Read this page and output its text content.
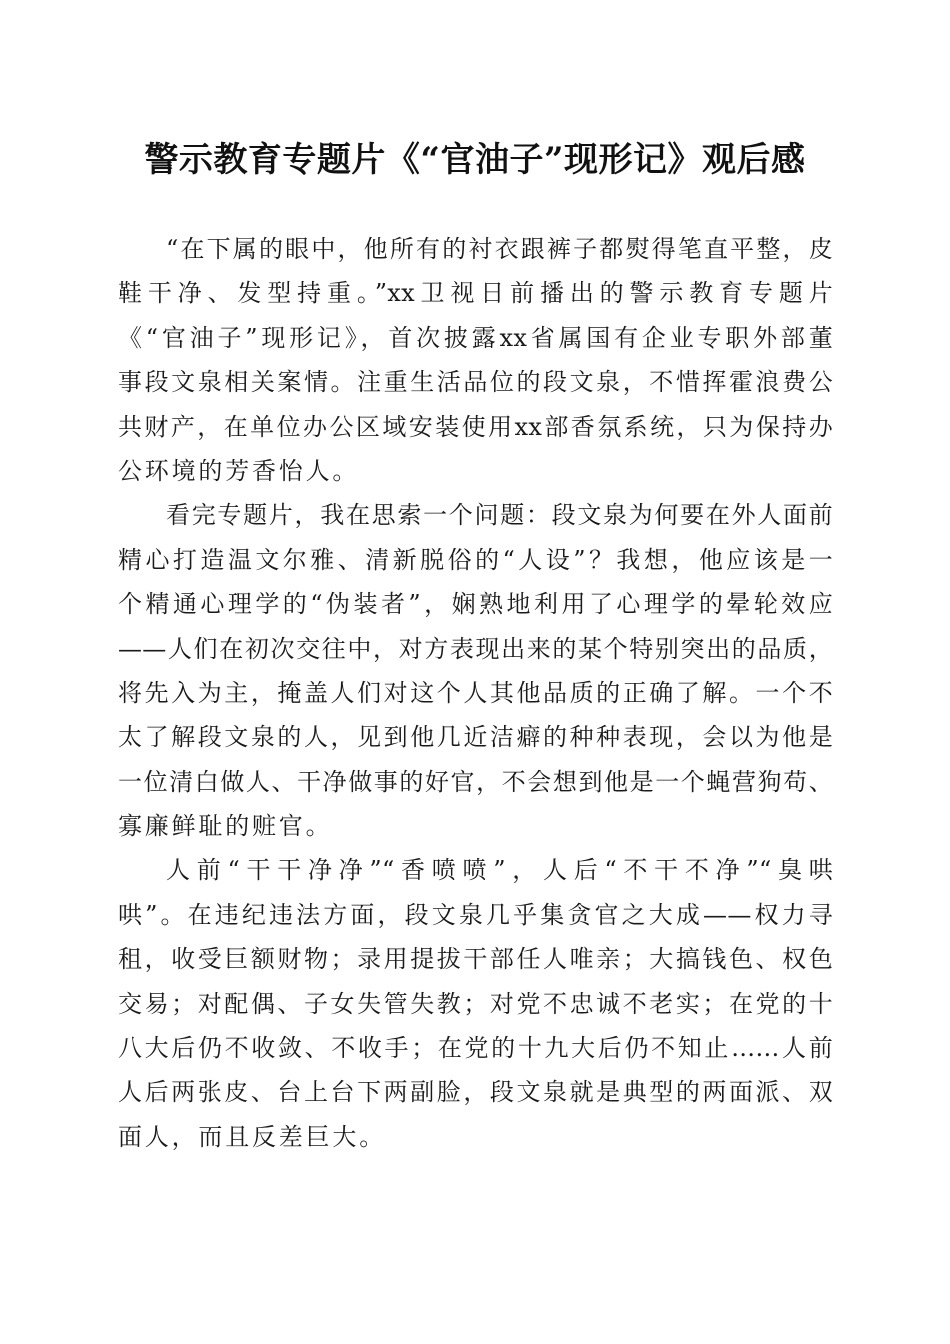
警示教育专题片《“官油子”现形记》观后感
“在下属的眼中，他所有的衬衣跟裤子都熨得笔直平整，皮
鞋干净、发型持重。”xx卫视日前播出的警示教育专题片
《“官油子”现形记》，首次披露xx省属国有企业专职外部董
事段文泉相关案情。注重生活品位的段文泉，不惜挥霍浪费公
共财产，在单位办公区域安装使用xx部香氛系统，只为保持办
公环境的芳香怡人。
看完专题片，我在思索一个问题：段文泉为何要在外人面前
精心打造温文尔雅、清新脱俗的“人设”？我想，他应该是一
个精通心理学的“伪装者”，娴熟地利用了心理学的晕轮效应
——人们在初次交往中，对方表现出来的某个特别突出的品质，
将先入为主，掩盖人们对这个人其他品质的正确了解。一个不
太了解段文泉的人，见到他几近洁癖的种种表现，会以为他是
一位清白做人、干净做事的好官，不会想到他是一个蝇营狗苟、
寡廉鲜耻的赃官。
人前“干干净净”“香喷喷”，人后“不干不净”“臭哄
哄”。在违纪违法方面，段文泉几乎集贪官之大成——权力寻
租，收受巨额财物；录用提拔干部任人唯亲；大搞钱色、权色
交易；对配偶、子女失管失教；对党不忠诚不老实；在党的十
八大后仍不收敛、不收手；在党的十九大后仍不知止……人前
人后两张皮、台上台下两副脸，段文泉就是典型的两面派、双
面人，而且反差巨大。
